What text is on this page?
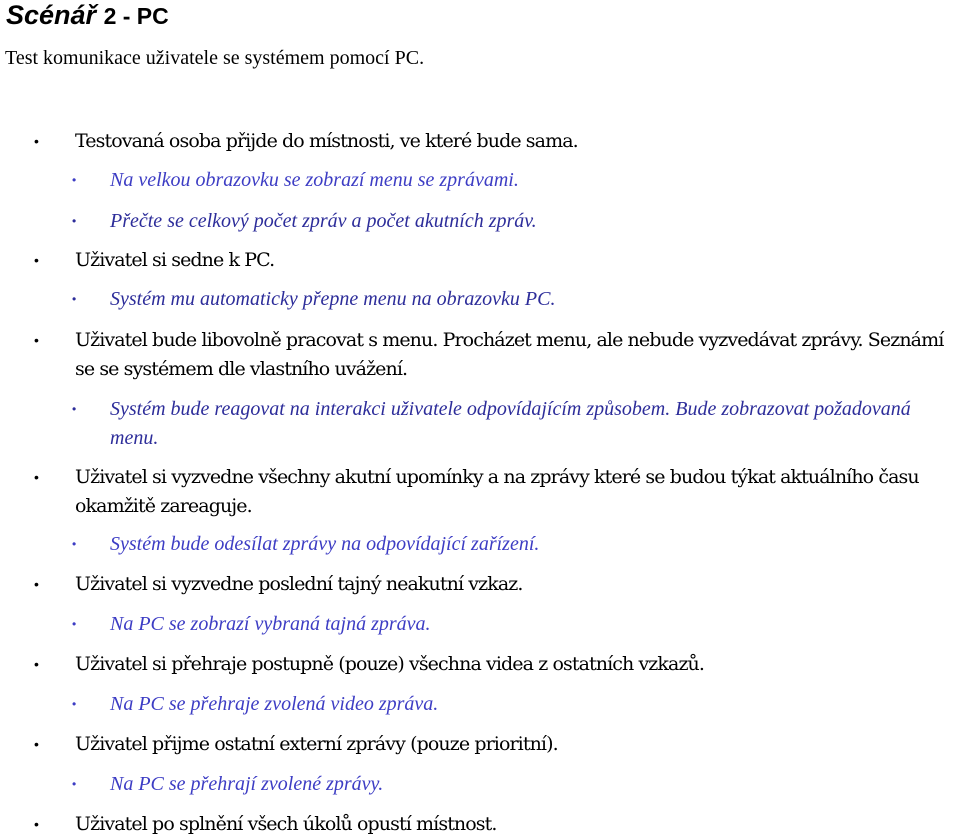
Scénář 2 - PC

Test komunikace uživatele se systémem pomocí PC.

• Testovaná osoba přijde do místnosti, ve které bude sama.
• Na velkou obrazovku se zobrazí menu se zprávami.
• Přečte se celkový počet zpráv a počet akutních zpráv.
• Uživatel si sedne k PC.
• Systém mu automaticky přepne menu na obrazovku PC.
• Uživatel bude libovolně pracovat s menu. Procházet menu, ale nebude vyzvedávat zprávy. Seznámí se se systémem dle vlastního uvážení.
• Systém bude reagovat na interakci uživatele odpovídajícím způsobem. Bude zobrazovat požadovaná menu.
• Uživatel si vyzvedne všechny akutní upomínky a na zprávy které se budou týkat aktuálního času okamžitě zareaguje.
• Systém bude odesílat zprávy na odpovídající zařízení.
• Uživatel si vyzvedne poslední tajný neakutní vzkaz.
• Na PC se zobrazí vybraná tajná zpráva.
• Uživatel si přehraje postupně (pouze) všechna videa z ostatních vzkazů.
• Na PC se přehraje zvolená video zpráva.
• Uživatel přijme ostatní externí zprávy (pouze prioritní).
• Na PC se přehrají zvolené zprávy.
• Uživatel po splnění všech úkolů opustí místnost.
